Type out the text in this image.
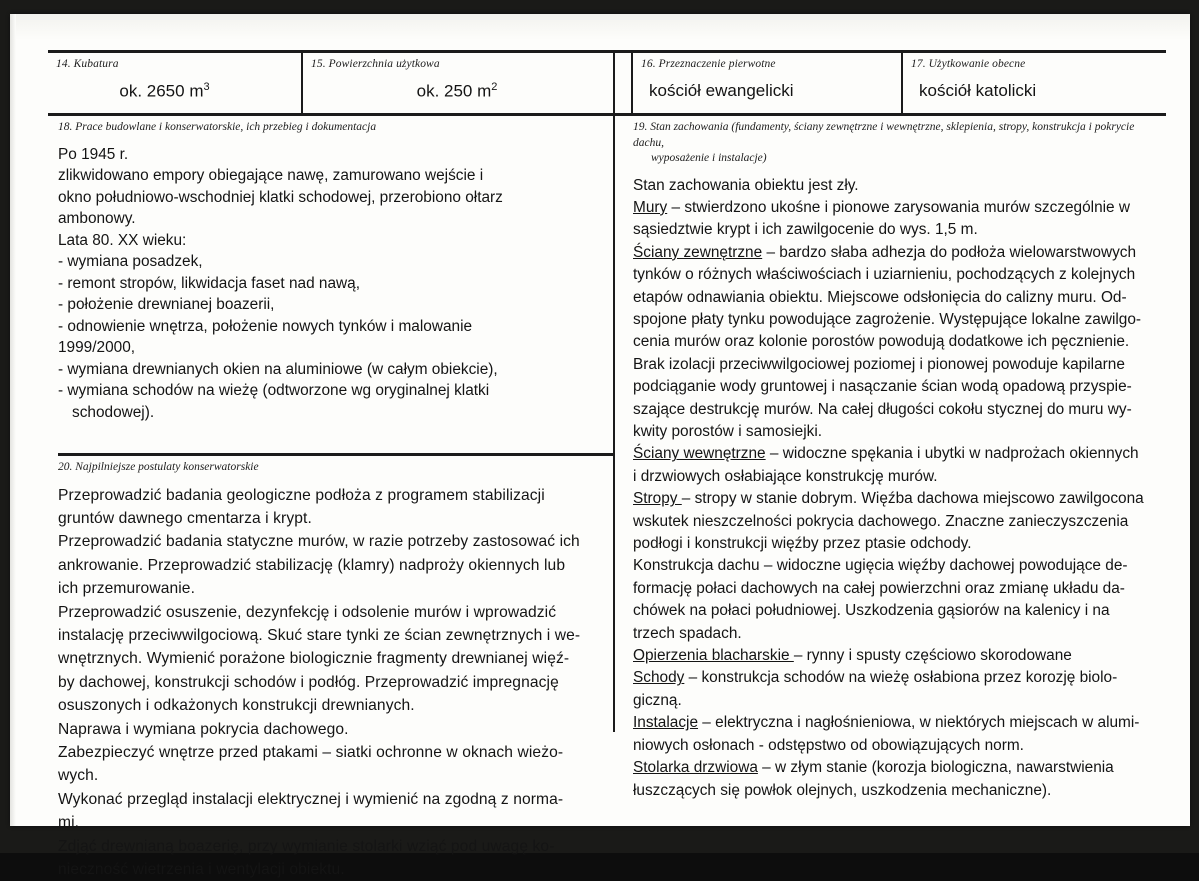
14. Kubatura
ok. 2650 $m^3$
15. Powierzchnia użytkowa
ok. 250 $m^2$
16. Przeznaczenie pierwotne
kościół ewangelicki
17. Użytkowanie obecne
kościół katolicki
18. Prace budowlane i konserwatorskie, ich przebieg i dokumentacja
Po 1945 r.
zlikwidowano empory obiegające nawę, zamurowano wejście i
okno południowo-wschodniej klatki schodowej, przerobiono ołtarz
ambonowy.
Lata 80. XX wieku:
- wymiana posadzek,
- remont stropów, likwidacja faset nad nawą,
- położenie drewnianej boazerii,
- odnowienie wnętrza, położenie nowych tynków i malowanie
1999/2000,
- wymiana drewnianych okien na aluminiowe (w całym obiekcie),
- wymiana schodów na wieżę (odtworzone wg oryginalnej klatki
schodowej).
20. Najpilniejsze postulaty konserwatorskie
Przeprowadzić badania geologiczne podłoża z programem stabilizacji
gruntów dawnego cmentarza i krypt.
Przeprowadzić badania statyczne murów, w razie potrzeby zastosować ich
ankrowanie. Przeprowadzić stabilizację (klamry) nadproży okiennych lub
ich przemurowanie.
Przeprowadzić osuszenie, dezynfekcję i odsolenie murów i wprowadzić
instalację przeciwwilgociową. Skuć stare tynki ze ścian zewnętrznych i we-
wnętrznych. Wymienić porażone biologicznie fragmenty drewnianej więź-
by dachowej, konstrukcji schodów i podłóg. Przeprowadzić impregnację
osuszonych i odkażonych konstrukcji drewnianych.
Naprawa i wymiana pokrycia dachowego.
Zabezpieczyć wnętrze przed ptakami – siatki ochronne w oknach wieżo-
wych.
Wykonać przegląd instalacji elektrycznej i wymienić na zgodną z norma-
mi.
Zdjąć drewnianą boazerię, przy wymianie stolarki wziąć pod uwagę ko-
nieczność wietrzenia i wentylacji obiektu.
19. Stan zachowania (fundamenty, ściany zewnętrzne i wewnętrzne, sklepienia, stropy, konstrukcja i pokrycie dachu,
wyposażenie i instalacje)
Stan zachowania obiektu jest zły.
Mury – stwierdzono ukośne i pionowe zarysowania murów szczególnie w
sąsiedztwie krypt i ich zawilgocenie do wys. 1,5 m.
Ściany zewnętrzne – bardzo słaba adhezja do podłoża wielowarstwowych
tynków o różnych właściwościach i uziarnieniu, pochodzących z kolejnych
etapów odnawiania obiektu. Miejscowe odsłonięcia do calizny muru. Od-
spojone płaty tynku powodujące zagrożenie. Występujące lokalne zawilgo-
cenia murów oraz kolonie porostów powodują dodatkowe ich pęcznienie.
Brak izolacji przeciwwilgociowej poziomej i pionowej powoduje kapilarne
podciąganie wody gruntowej i nasączanie ścian wodą opadową przyspie-
szające destrukcję murów. Na całej długości cokołu stycznej do muru wy-
kwity porostów i samosiejki.
Ściany wewnętrzne – widoczne spękania i ubytki w nadprożach okiennych
i drzwiowych osłabiające konstrukcję murów.
Stropy – stropy w stanie dobrym. Więźba dachowa miejscowo zawilgocona
wskutek nieszczelności pokrycia dachowego. Znaczne zanieczyszczenia
podłogi i konstrukcji więźby przez ptasie odchody.
Konstrukcja dachu – widoczne ugięcia więźby dachowej powodujące de-
formację połaci dachowych na całej powierzchni oraz zmianę układu da-
chówek na połaci południowej. Uszkodzenia gąsiorów na kalenicy i na
trzech spadach.
Opierzenia blacharskie – rynny i spusty częściowo skorodowane
Schody – konstrukcja schodów na wieżę osłabiona przez korozję biolo-
giczną.
Instalacje – elektryczna i nagłośnieniowa, w niektórych miejscach w alumi-
niowych osłonach - odstępstwo od obowiązujących norm.
Stolarka drzwiowa – w złym stanie (korozja biologiczna, nawarstwienia
łuszczących się powłok olejnych, uszkodzenia mechaniczne).
